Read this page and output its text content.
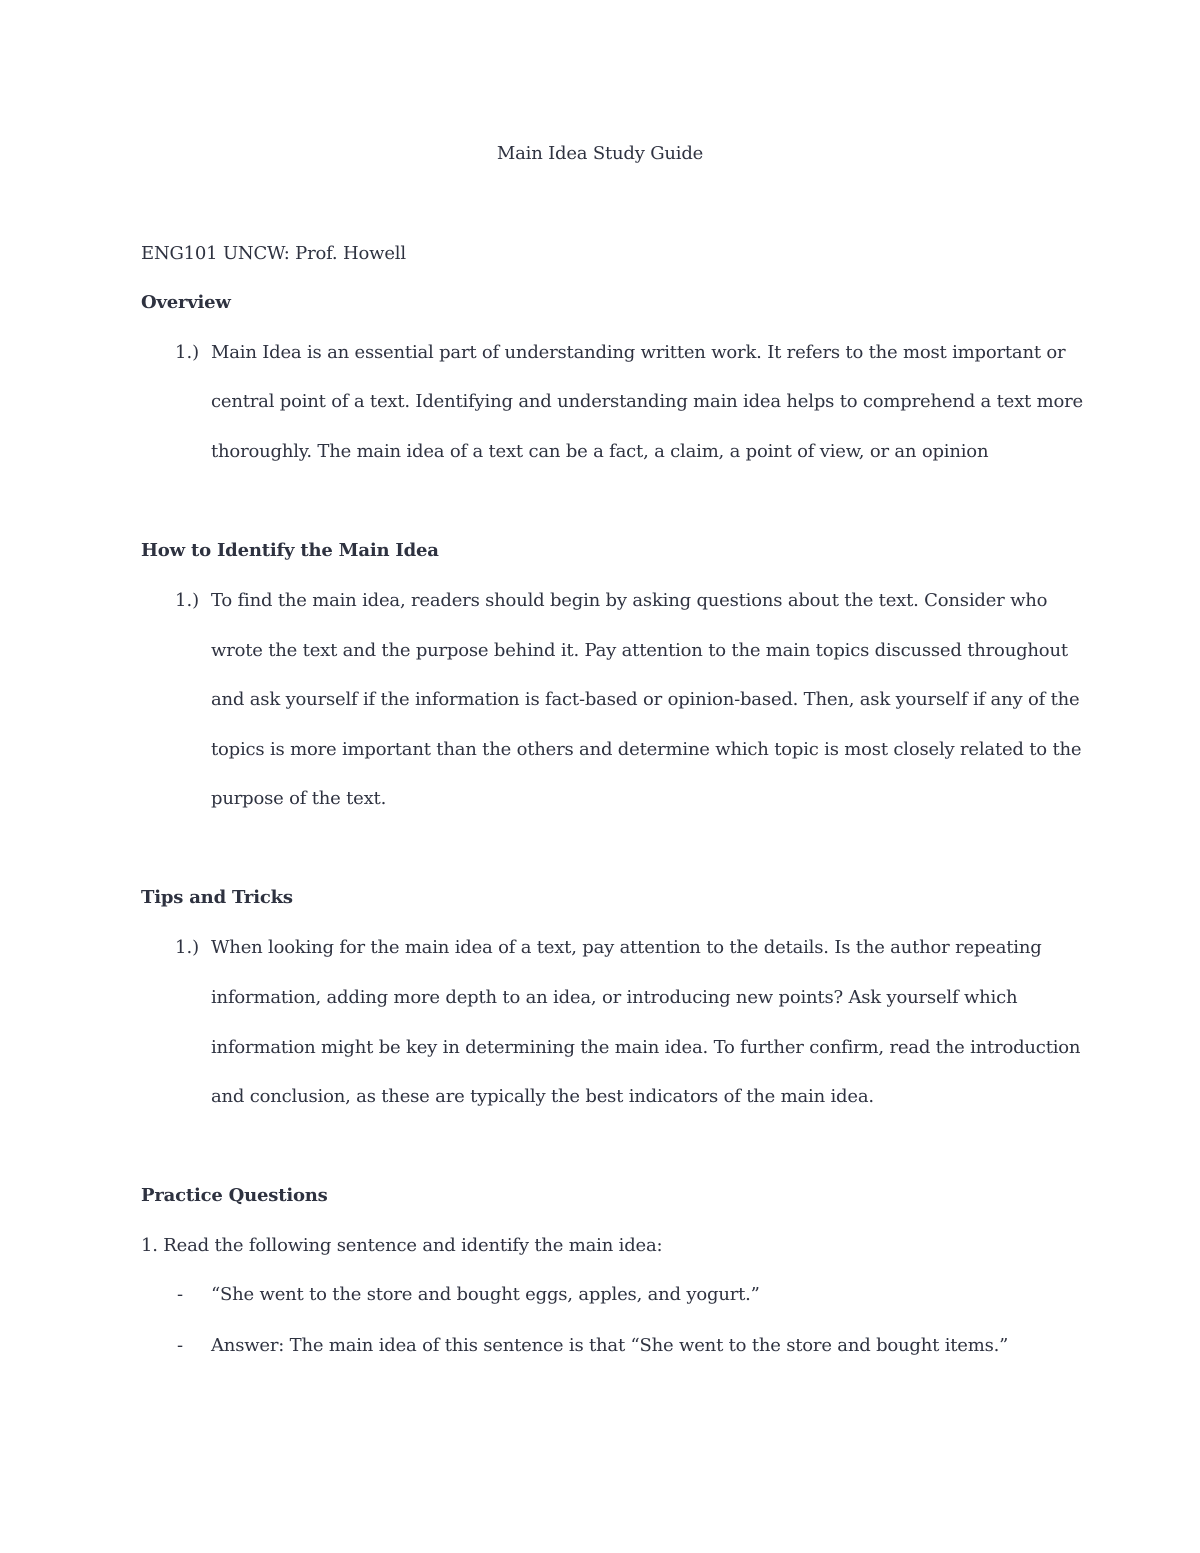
Main Idea Study Guide
ENG101 UNCW: Prof. Howell
Overview
1.) Main Idea is an essential part of understanding written work. It refers to the most important or
central point of a text. Identifying and understanding main idea helps to comprehend a text more
thoroughly. The main idea of a text can be a fact, a claim, a point of view, or an opinion
How to Identify the Main Idea
1.) To find the main idea, readers should begin by asking questions about the text. Consider who
wrote the text and the purpose behind it. Pay attention to the main topics discussed throughout
and ask yourself if the information is fact-based or opinion-based. Then, ask yourself if any of the
topics is more important than the others and determine which topic is most closely related to the
purpose of the text.
Tips and Tricks
1.) When looking for the main idea of a text, pay attention to the details. Is the author repeating
information, adding more depth to an idea, or introducing new points? Ask yourself which
information might be key in determining the main idea. To further confirm, read the introduction
and conclusion, as these are typically the best indicators of the main idea.
Practice Questions
1. Read the following sentence and identify the main idea:
- “She went to the store and bought eggs, apples, and yogurt.”
- Answer: The main idea of this sentence is that “She went to the store and bought items.”
